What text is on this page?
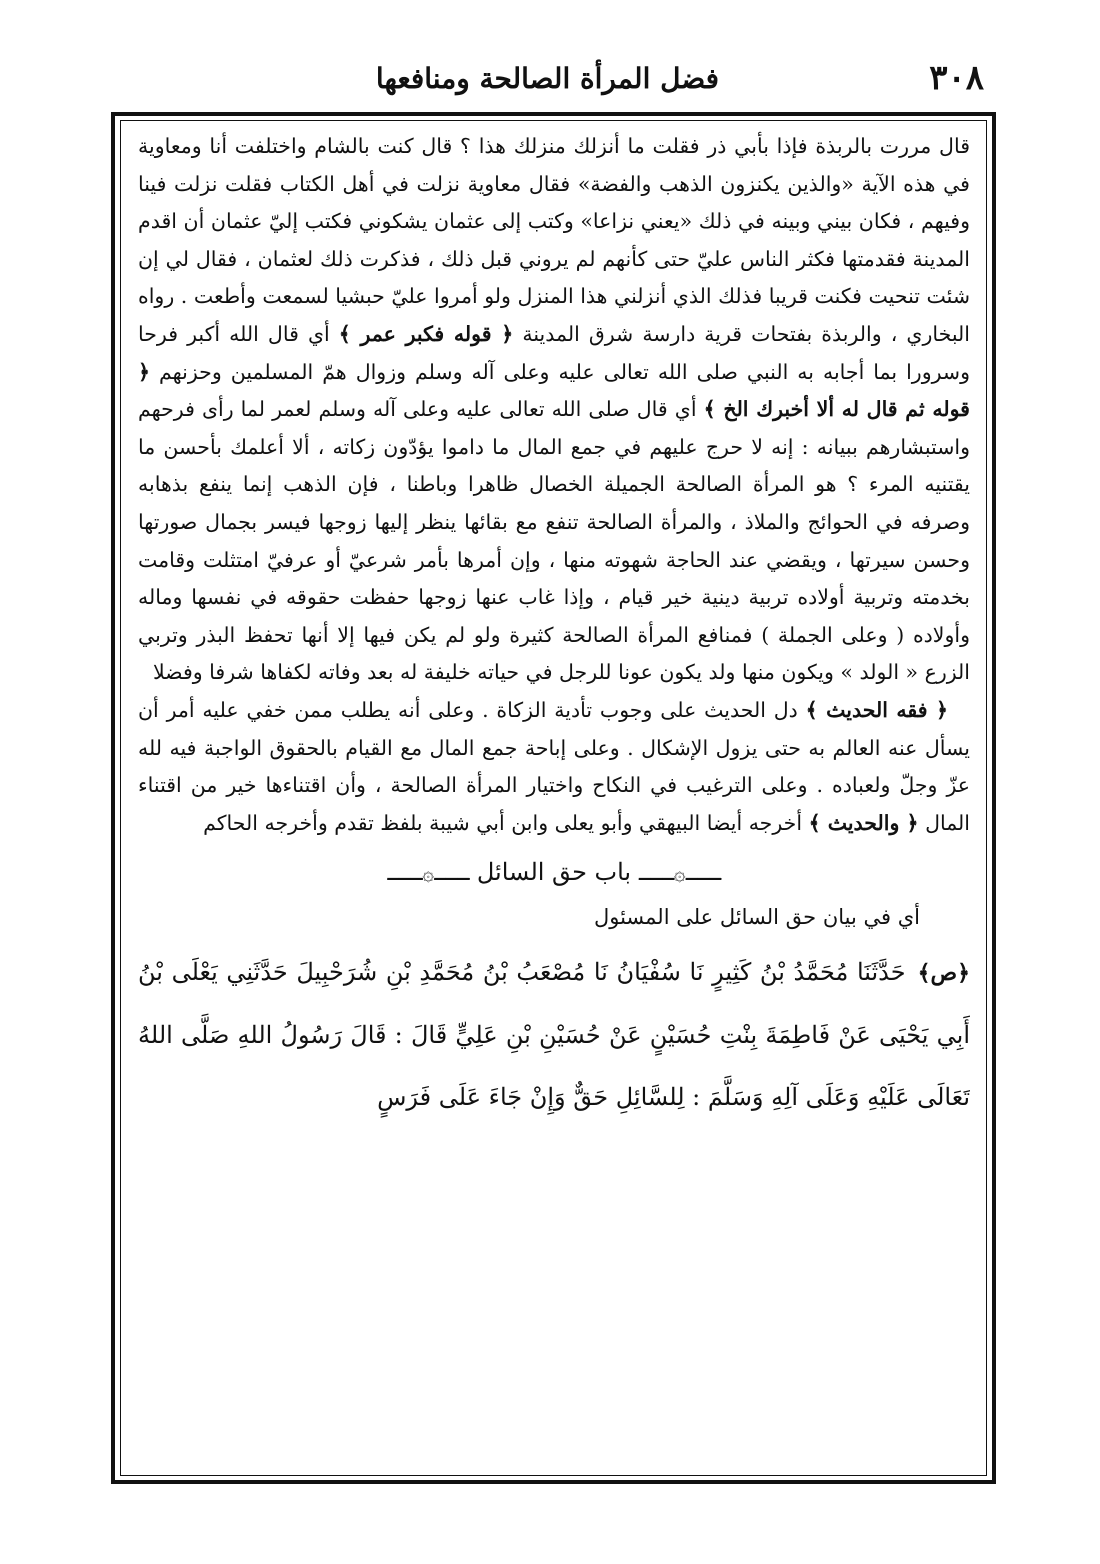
٣٠٨
فضل المرأة الصالحة ومنافعها

قال مررت بالربذة فإذا بأبي ذر فقلت ما أنزلك منزلك هذا ؟ قال كنت بالشام واختلفت أنا ومعاوية في هذه الآية «والذين يكنزون الذهب والفضة» فقال معاوية نزلت في أهل الكتاب فقلت نزلت فينا وفيهم ، فكان بيني وبينه في ذلك «يعني نزاعا» وكتب إلى عثمان يشكوني فكتب إليّ عثمان أن اقدم المدينة فقدمتها فكثر الناس عليّ حتى كأنهم لم يروني قبل ذلك ، فذكرت ذلك لعثمان ، فقال لي إن شئت تنحيت فكنت قريبا فذلك الذي أنزلني هذا المنزل ولو أمروا عليّ حبشيا لسمعت وأطعت . رواه البخاري ، والربذة بفتحات قرية دارسة شرق المدينة ﴿ قوله فكبر عمر ﴾ أي قال الله أكبر فرحا وسرورا بما أجابه به النبي صلى الله تعالى عليه وعلى آله وسلم وزوال همّ المسلمين وحزنهم ﴿ قوله ثم قال له ألا أخبرك الخ ﴾ أي قال صلى الله تعالى عليه وعلى آله وسلم لعمر لما رأى فرحهم واستبشارهم ببيانه : إنه لا حرج عليهم في جمع المال ما داموا يؤدّون زكاته ، ألا أعلمك بأحسن ما يقتنيه المرء ؟ هو المرأة الصالحة الجميلة الخصال ظاهرا وباطنا ، فإن الذهب إنما ينفع بذهابه وصرفه في الحوائج والملاذ ، والمرأة الصالحة تنفع مع بقائها ينظر إليها زوجها فيسر بجمال صورتها وحسن سيرتها ، ويقضي عند الحاجة شهوته منها ، وإن أمرها بأمر شرعيّ أو عرفيّ امتثلت وقامت بخدمته وتربية أولاده تربية دينية خير قيام ، وإذا غاب عنها زوجها حفظت حقوقه في نفسها وماله وأولاده ( وعلى الجملة ) فمنافع المرأة الصالحة كثيرة ولو لم يكن فيها إلا أنها تحفظ البذر وتربي الزرع « الولد » ويكون منها ولد يكون عونا للرجل في حياته خليفة له بعد وفاته لكفاها شرفا وفضلا

﴿ فقه الحديث ﴾ دل الحديث على وجوب تأدية الزكاة . وعلى أنه يطلب ممن خفي عليه أمر أن يسأل عنه العالم به حتى يزول الإشكال . وعلى إباحة جمع المال مع القيام بالحقوق الواجبة فيه لله عزّ وجلّ ولعباده . وعلى الترغيب في النكاح واختيار المرأة الصالحة ، وأن اقتناءها خير من اقتناء المال ﴿ والحديث ﴾ أخرجه أيضا البيهقي وأبو يعلى وابن أبي شيبة بلفظ تقدم وأخرجه الحاكم

ـــ۞ـــ باب حق السائل ـــ۞ـــ

أي في بيان حق السائل على المسئول

﴿ص﴾حَدَّثَنَا مُحَمَّدُ بْنُ كَثِيرٍ نَا سُفْيَانُ نَا مُصْعَبُ بْنُ مُحَمَّدِ بْنِ شُرَحْبِيلَ حَدَّثَنِي يَعْلَى بْنُ أَبِي يَحْيَى عَنْ فَاطِمَةَ بِنْتِ حُسَيْنٍ عَنْ حُسَيْنِ بْنِ عَلِيٍّ قَالَ : قَالَ رَسُولُ اللهِ صَلَّى اللهُ تَعَالَى عَلَيْهِ وَعَلَى آلِهِ وَسَلَّمَ : لِلسَّائِلِ حَقٌّ وَإِنْ جَاءَ عَلَى فَرَسٍ
